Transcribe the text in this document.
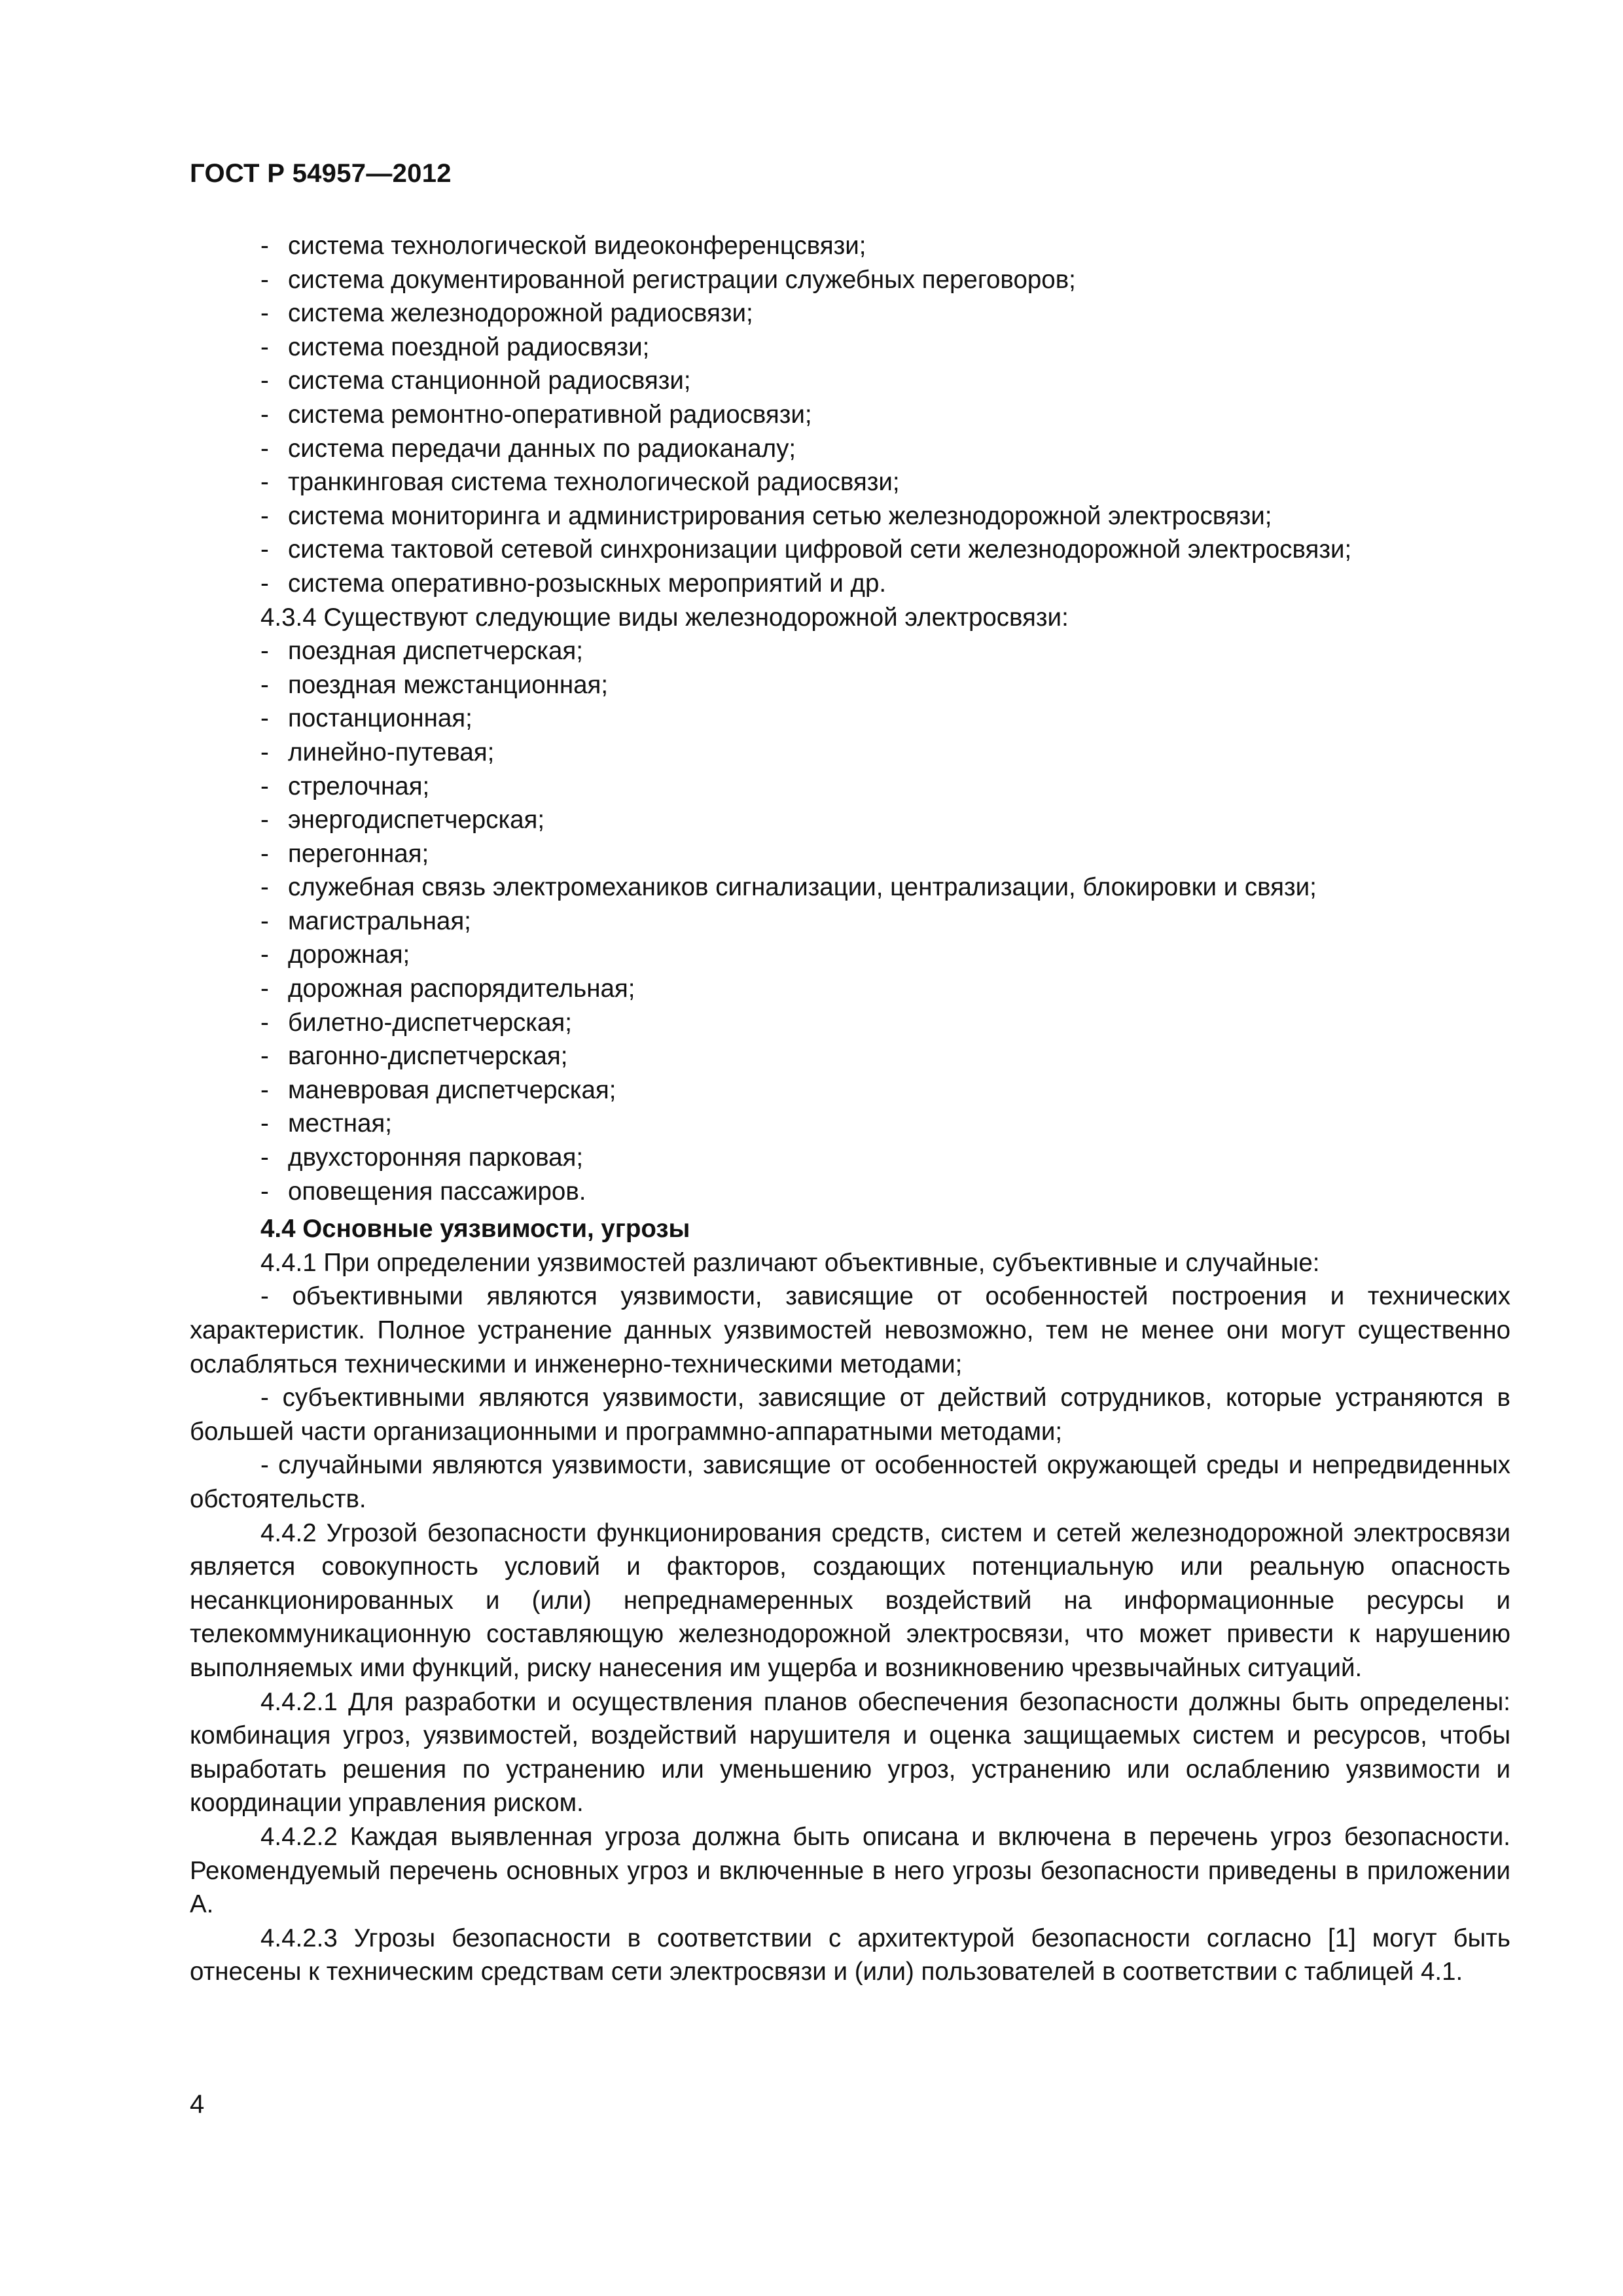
ГОСТ Р 54957—2012
- система технологической видеоконференцсвязи;
- система документированной регистрации служебных переговоров;
- система железнодорожной радиосвязи;
- система поездной радиосвязи;
- система станционной радиосвязи;
- система ремонтно-оперативной радиосвязи;
- система передачи данных по радиоканалу;
- транкинговая система технологической радиосвязи;
- система мониторинга и администрирования сетью железнодорожной электросвязи;
- система тактовой сетевой синхронизации цифровой сети железнодорожной электросвязи;
- система оперативно-розыскных мероприятий и др.
4.3.4 Существуют следующие виды железнодорожной электросвязи:
- поездная диспетчерская;
- поездная межстанционная;
- постанционная;
- линейно-путевая;
- стрелочная;
- энергодиспетчерская;
- перегонная;
- служебная связь электромехаников сигнализации, централизации, блокировки и связи;
- магистральная;
- дорожная;
- дорожная распорядительная;
- билетно-диспетчерская;
- вагонно-диспетчерская;
- маневровая диспетчерская;
- местная;
- двухсторонняя парковая;
- оповещения пассажиров.
4.4 Основные уязвимости, угрозы
4.4.1 При определении уязвимостей различают объективные, субъективные и случайные:
- объективными являются уязвимости, зависящие от особенностей построения и технических характеристик. Полное устранение данных уязвимостей невозможно, тем не менее они могут существенно ослабляться техническими и инженерно-техническими методами;
- субъективными являются уязвимости, зависящие от действий сотрудников, которые устраняются в большей части организационными и программно-аппаратными методами;
- случайными являются уязвимости, зависящие от особенностей окружающей среды и непредвиденных обстоятельств.
4.4.2 Угрозой безопасности функционирования средств, систем и сетей железнодорожной электросвязи является совокупность условий и факторов, создающих потенциальную или реальную опасность несанкционированных и (или) непреднамеренных воздействий на информационные ресурсы и телекоммуникационную составляющую железнодорожной электросвязи, что может привести к нарушению выполняемых ими функций, риску нанесения им ущерба и возникновению чрезвычайных ситуаций.
4.4.2.1 Для разработки и осуществления планов обеспечения безопасности должны быть определены: комбинация угроз, уязвимостей, воздействий нарушителя и оценка защищаемых систем и ресурсов, чтобы выработать решения по устранению или уменьшению угроз, устранению или ослаблению уязвимости и координации управления риском.
4.4.2.2 Каждая выявленная угроза должна быть описана и включена в перечень угроз безопасности. Рекомендуемый перечень основных угроз и включенные в него угрозы безопасности приведены в приложении А.
4.4.2.3 Угрозы безопасности в соответствии с архитектурой безопасности согласно [1] могут быть отнесены к техническим средствам сети электросвязи и (или) пользователей в соответствии с таблицей 4.1.
4
